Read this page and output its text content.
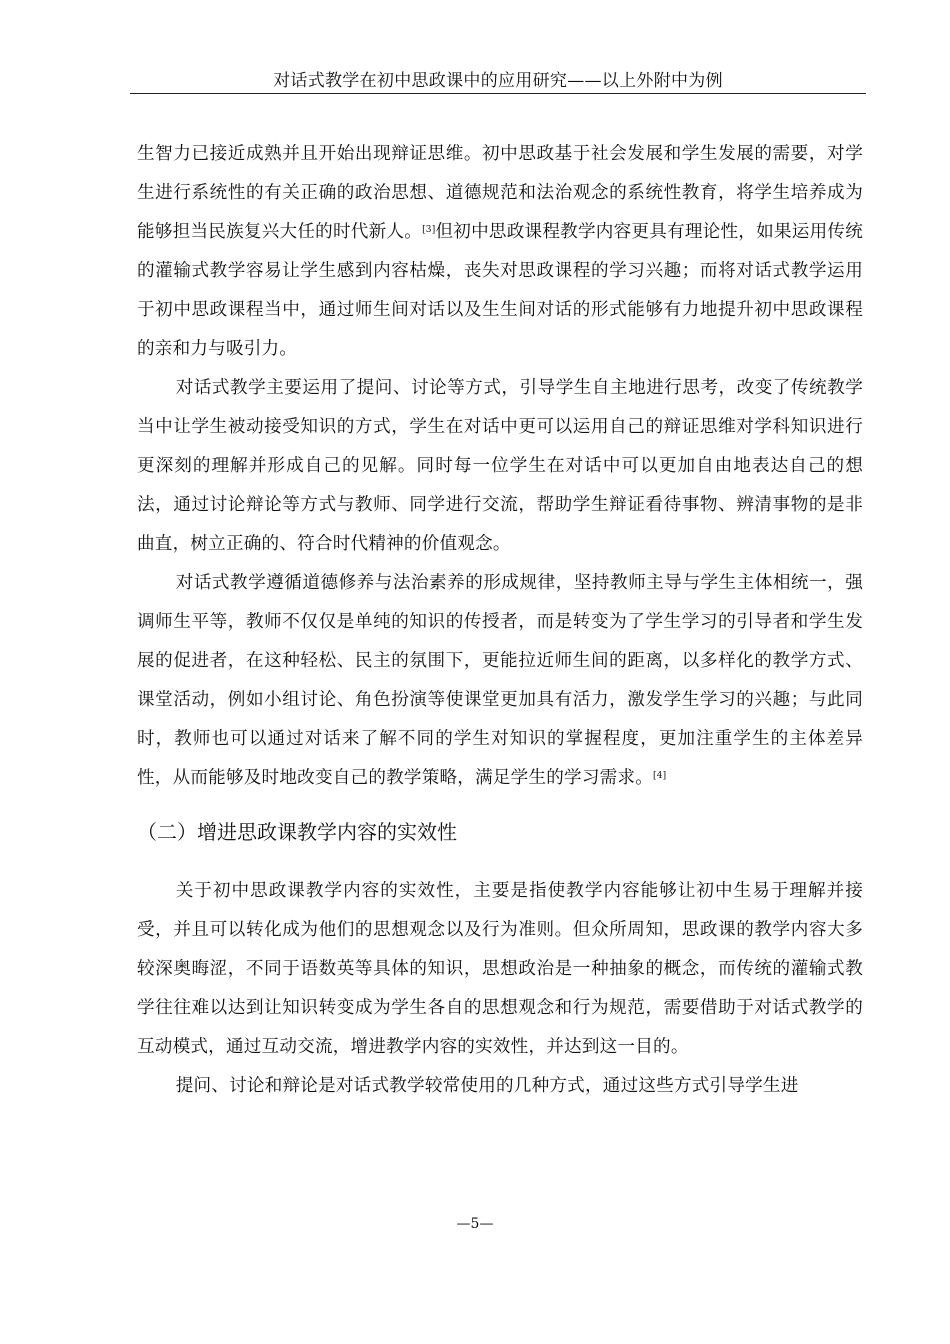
对话式教学在初中思政课中的应用研究——以上外附中为例

生智力已接近成熟并且开始出现辩证思维。初中思政基于社会发展和学生发展的需要，对学生进行系统性的有关正确的政治思想、道德规范和法治观念的系统性教育，将学生培养成为能够担当民族复兴大任的时代新人。[3]但初中思政课程教学内容更具有理论性，如果运用传统的灌输式教学容易让学生感到内容枯燥，丧失对思政课程的学习兴趣；而将对话式教学运用于初中思政课程当中，通过师生间对话以及生生间对话的形式能够有力地提升初中思政课程的亲和力与吸引力。

对话式教学主要运用了提问、讨论等方式，引导学生自主地进行思考，改变了传统教学当中让学生被动接受知识的方式，学生在对话中更可以运用自己的辩证思维对学科知识进行更深刻的理解并形成自己的见解。同时每一位学生在对话中可以更加自由地表达自己的想法，通过讨论辩论等方式与教师、同学进行交流，帮助学生辩证看待事物、辨清事物的是非曲直，树立正确的、符合时代精神的价值观念。

对话式教学遵循道德修养与法治素养的形成规律，坚持教师主导与学生主体相统一，强调师生平等，教师不仅仅是单纯的知识的传授者，而是转变为了学生学习的引导者和学生发展的促进者，在这种轻松、民主的氛围下，更能拉近师生间的距离，以多样化的教学方式、课堂活动，例如小组讨论、角色扮演等使课堂更加具有活力，激发学生学习的兴趣；与此同时，教师也可以通过对话来了解不同的学生对知识的掌握程度，更加注重学生的主体差异性，从而能够及时地改变自己的教学策略，满足学生的学习需求。[4]

（二）增进思政课教学内容的实效性

关于初中思政课教学内容的实效性，主要是指使教学内容能够让初中生易于理解并接受，并且可以转化成为他们的思想观念以及行为准则。但众所周知，思政课的教学内容大多较深奥晦涩，不同于语数英等具体的知识，思想政治是一种抽象的概念，而传统的灌输式教学往往难以达到让知识转变成为学生各自的思想观念和行为规范，需要借助于对话式教学的互动模式，通过互动交流，增进教学内容的实效性，并达到这一目的。

提问、讨论和辩论是对话式教学较常使用的几种方式，通过这些方式引导学生进

—5—
